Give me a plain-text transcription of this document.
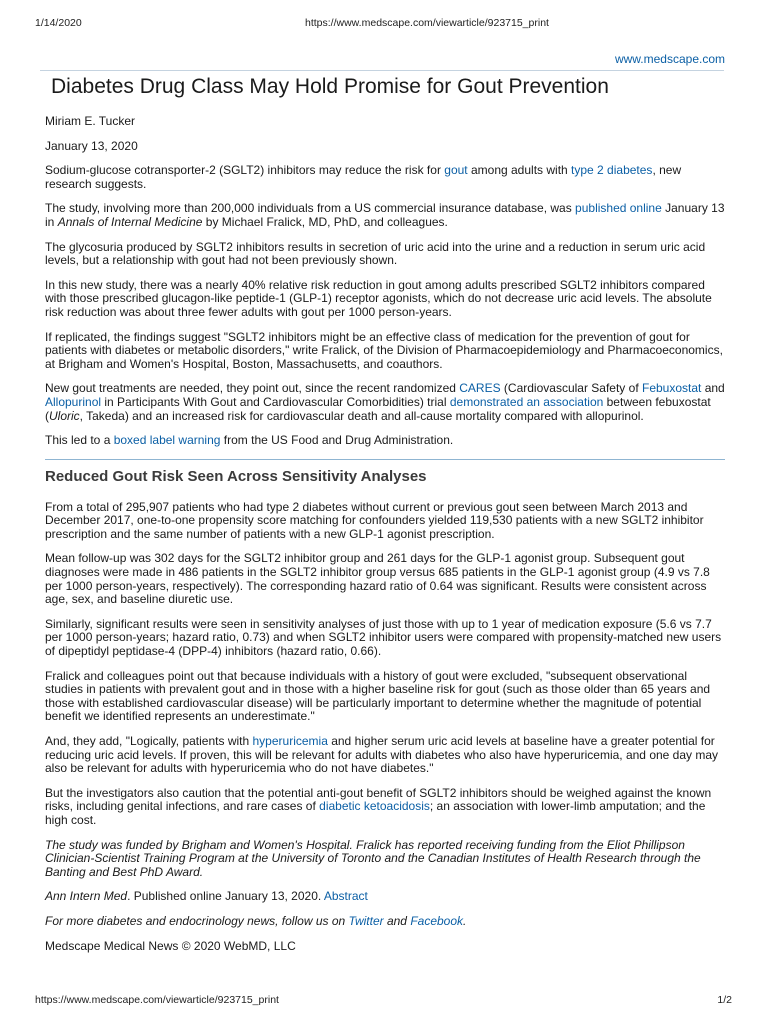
1/14/2020	https://www.medscape.com/viewarticle/923715_print
www.medscape.com
Diabetes Drug Class May Hold Promise for Gout Prevention

Miriam E. Tucker

January 13, 2020

Sodium-glucose cotransporter-2 (SGLT2) inhibitors may reduce the risk for gout among adults with type 2 diabetes, new research suggests.

The study, involving more than 200,000 individuals from a US commercial insurance database, was published online January 13 in Annals of Internal Medicine by Michael Fralick, MD, PhD, and colleagues.

The glycosuria produced by SGLT2 inhibitors results in secretion of uric acid into the urine and a reduction in serum uric acid levels, but a relationship with gout had not been previously shown.

In this new study, there was a nearly 40% relative risk reduction in gout among adults prescribed SGLT2 inhibitors compared with those prescribed glucagon-like peptide-1 (GLP-1) receptor agonists, which do not decrease uric acid levels. The absolute risk reduction was about three fewer adults with gout per 1000 person-years.

If replicated, the findings suggest "SGLT2 inhibitors might be an effective class of medication for the prevention of gout for patients with diabetes or metabolic disorders," write Fralick, of the Division of Pharmacoepidemiology and Pharmacoeconomics, at Brigham and Women's Hospital, Boston, Massachusetts, and coauthors.

New gout treatments are needed, they point out, since the recent randomized CARES (Cardiovascular Safety of Febuxostat and Allopurinol in Participants With Gout and Cardiovascular Comorbidities) trial demonstrated an association between febuxostat (Uloric, Takeda) and an increased risk for cardiovascular death and all-cause mortality compared with allopurinol.

This led to a boxed label warning from the US Food and Drug Administration.

Reduced Gout Risk Seen Across Sensitivity Analyses

From a total of 295,907 patients who had type 2 diabetes without current or previous gout seen between March 2013 and December 2017, one-to-one propensity score matching for confounders yielded 119,530 patients with a new SGLT2 inhibitor prescription and the same number of patients with a new GLP-1 agonist prescription.

Mean follow-up was 302 days for the SGLT2 inhibitor group and 261 days for the GLP-1 agonist group. Subsequent gout diagnoses were made in 486 patients in the SGLT2 inhibitor group versus 685 patients in the GLP-1 agonist group (4.9 vs 7.8 per 1000 person-years, respectively). The corresponding hazard ratio of 0.64 was significant. Results were consistent across age, sex, and baseline diuretic use.

Similarly, significant results were seen in sensitivity analyses of just those with up to 1 year of medication exposure (5.6 vs 7.7 per 1000 person-years; hazard ratio, 0.73) and when SGLT2 inhibitor users were compared with propensity-matched new users of dipeptidyl peptidase-4 (DPP-4) inhibitors (hazard ratio, 0.66).

Fralick and colleagues point out that because individuals with a history of gout were excluded, "subsequent observational studies in patients with prevalent gout and in those with a higher baseline risk for gout (such as those older than 65 years and those with established cardiovascular disease) will be particularly important to determine whether the magnitude of potential benefit we identified represents an underestimate."

And, they add, "Logically, patients with hyperuricemia and higher serum uric acid levels at baseline have a greater potential for reducing uric acid levels. If proven, this will be relevant for adults with diabetes who also have hyperuricemia, and one day may also be relevant for adults with hyperuricemia who do not have diabetes."

But the investigators also caution that the potential anti-gout benefit of SGLT2 inhibitors should be weighed against the known risks, including genital infections, and rare cases of diabetic ketoacidosis; an association with lower-limb amputation; and the high cost.

The study was funded by Brigham and Women's Hospital. Fralick has reported receiving funding from the Eliot Phillipson Clinician-Scientist Training Program at the University of Toronto and the Canadian Institutes of Health Research through the Banting and Best PhD Award.

Ann Intern Med. Published online January 13, 2020. Abstract

For more diabetes and endocrinology news, follow us on Twitter and Facebook.

Medscape Medical News © 2020 WebMD, LLC

https://www.medscape.com/viewarticle/923715_print	1/2
